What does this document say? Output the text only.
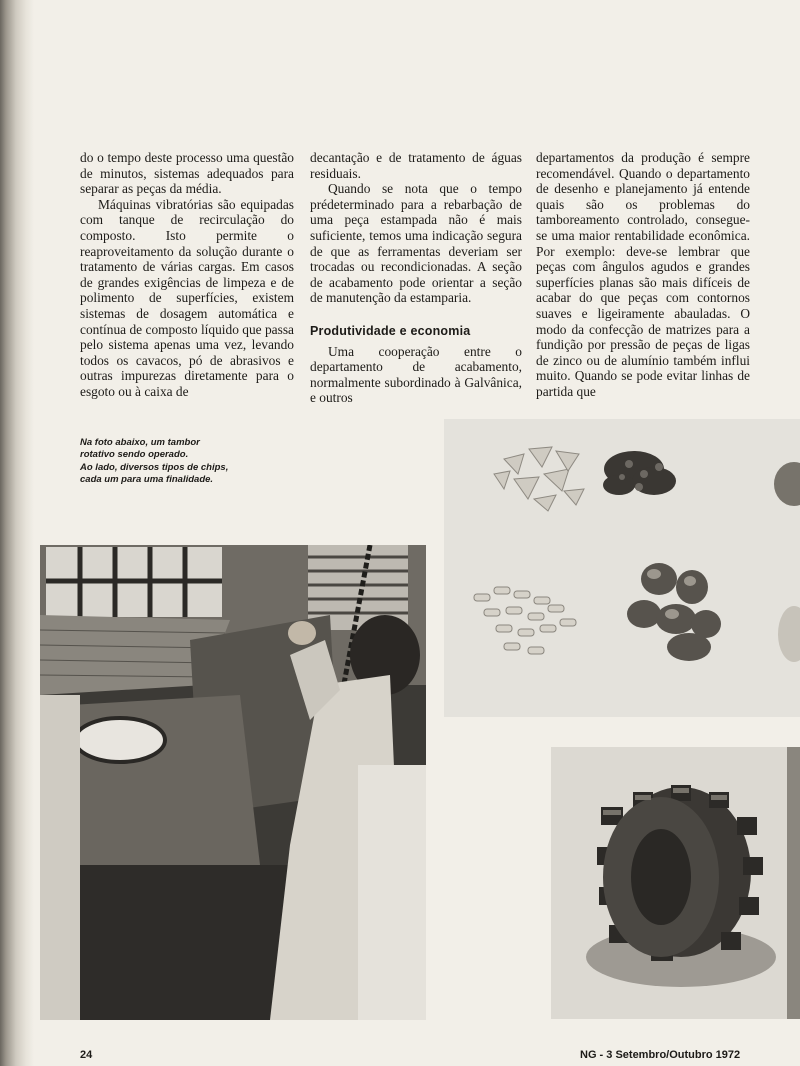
do o tempo deste processo uma questão de minutos, sistemas adequados para separar as peças da média.

Máquinas vibratórias são equipadas com tanque de recirculação do composto. Isto permite o reaproveitamento da solução durante o tratamento de várias cargas. Em casos de grandes exigências de limpeza e de polimento de superfícies, existem sistemas de dosagem automática e contínua de composto líquido que passa pelo sistema apenas uma vez, levando todos os cavacos, pó de abrasivos e outras impurezas diretamente para o esgoto ou à caixa de

decantação e de tratamento de águas residuais.

Quando se nota que o tempo prédeterminado para a rebarbação de uma peça estampada não é mais suficiente, temos uma indicação segura de que as ferramentas deveriam ser trocadas ou recondicionadas. A seção de acabamento pode orientar a seção de manutenção da estamparia.

Produtividade e economia

Uma cooperação entre o departamento de acabamento, normalmente subordinado à Galvânica, e outros

departamentos da produção é sempre recomendável. Quando o departamento de desenho e planejamento já entende quais são os problemas do tamboreamento controlado, consegue-se uma maior rentabilidade econômica. Por exemplo: deve-se lembrar que peças com ângulos agudos e grandes superfícies planas são mais difíceis de acabar do que peças com contornos suaves e ligeiramente abauladas. O modo da confecção de matrizes para a fundição por pressão de peças de ligas de zinco ou de alumínio também influi muito. Quando se pode evitar linhas de partida que

Na foto abaixo, um tambor
rotativo sendo operado.
Ao lado, diversos tipos de chips,
cada um para uma finalidade.
24	NG - 3 Setembro/Outubro 1972
